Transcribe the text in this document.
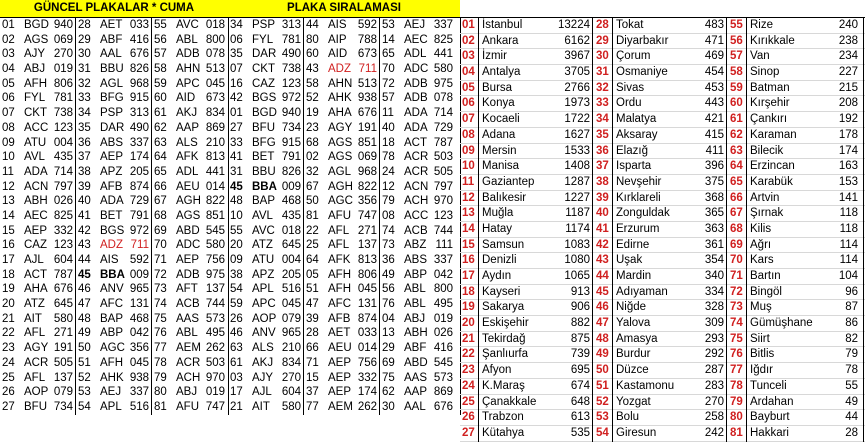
GÜNCEL PLAKALAR * CUMA	PLAKA SIRALAMASI
01 BGD 940 28 AET 033 55 AVC 018
02 AGS 069 29 ABF 416 56 ABL 800
03 AJY 270 30 AAL 676 57 ADB 078
04 ABJ 019 31 BBU 826 58 AHN 513
05 AFH 806 32 AGL 968 59 APC 045
06 FYL 781 33 BFG 915 60 AID 673
07 CKT 738 34 PSP 313 61 AKJ 834
08 ACC 123 35 DAR 490 62 AAP 869
09 ATU 004 36 ABS 337 63 ALS 210
10 AVL 435 37 AEP 174 64 AFK 813
11 ADA 714 38 APZ 205 65 ADL 441
12 ACN 797 39 AFB 874 66 AEU 014
13 ABH 026 40 ADA 729 67 AGH 822
14 AEC 825 41 BET 791 68 AGS 851
15 AEP 332 42 BGS 972 69 ABD 545
16 CAZ 123 43 ADZ 711 70 ADC 580
17 AJL 604 44 AIS 592 71 AEP 756
18 ACT 787 45 BBA 009 72 ADB 975
19 AHA 676 46 ANV 965 73 AFT 137
20 ATZ 645 47 AFC 131 74 ACB 744
21 AIT 580 48 BAP 468 75 AAS 573
22 AFL 271 49 ABP 042 76 ABL 495
23 AGY 191 50 AGC 356 77 AEM 262
24 ACR 505 51 AFH 045 78 ACR 503
25 AFL 137 52 AHK 938 79 ACH 970
26 AOP 079 53 AEJ 337 80 ABJ 019
27 BFU 734 54 APL 516 81 AFU 747
34 PSP 313 44 AIS 592 53 AEJ 337
06 FYL 781 80 AIP 788 14 AEC 825
35 DAR 490 60 AID 673 65 ADL 441
07 CKT 738 43 ADZ 711 70 ADC 580
16 CAZ 123 58 AHN 513 72 ADB 975
42 BGS 972 52 AHK 938 57 ADB 078
01 BGD 940 19 AHA 676 11 ADA 714
27 BFU 734 23 AGY 191 40 ADA 729
33 BFG 915 68 AGS 851 18 ACT 787
41 BET 791 02 AGS 069 78 ACR 503
31 BBU 826 32 AGL 968 24 ACR 505
45 BBA 009 67 AGH 822 12 ACN 797
48 BAP 468 50 AGC 356 79 ACH 970
10 AVL 435 81 AFU 747 08 ACC 123
55 AVC 018 22 AFL 271 74 ACB 744
20 ATZ 645 25 AFL 137 73 ABZ 111
09 ATU 004 64 AFK 813 36 ABS 337
38 APZ 205 05 AFH 806 49 ABP 042
54 APL 516 51 AFH 045 56 ABL 800
59 APC 045 47 AFC 131 76 ABL 495
26 AOP 079 39 AFB 874 04 ABJ 019
46 ANV 965 28 AET 033 13 ABH 026
63 ALS 210 66 AEU 014 29 ABF 416
61 AKJ 834 71 AEP 756 69 ABD 545
03 AJY 270 15 AEP 332 75 AAS 573
17 AJL 604 37 AEP 174 62 AAP 869
21 AIT 580 77 AEM 262 30 AAL 676
01 İstanbul	13224 28 Tokat	483 55 Rize	240
02 Ankara	6162 29 Diyarbakır	471 56 Kırıkkale	238
03 İzmir	3967 30 Çorum	469 57 Van	234
04 Antalya	3705 31 Osmaniye	454 58 Sinop	227
05 Bursa	2766 32 Sivas	453 59 Batman	215
06 Konya	1973 33 Ordu	443 60 Kırşehir	208
07 Kocaeli	1722 34 Malatya	421 61 Çankırı	192
08 Adana	1627 35 Aksaray	415 62 Karaman	178
09 Mersin	1533 36 Elazığ	411 63 Bilecik	174
10 Manisa	1408 37 Isparta	396 64 Erzincan	163
11 Gaziantep	1287 38 Nevşehir	375 65 Karabük	153
12 Balıkesir	1227 39 Kırklareli	368 66 Artvin	141
13 Muğla	1187 40 Zonguldak	365 67 Şırnak	118
14 Hatay	1174 41 Erzurum	363 68 Kilis	118
15 Samsun	1083 42 Edirne	361 69 Ağrı	114
16 Denizli	1080 43 Uşak	354 70 Kars	114
17 Aydın	1065 44 Mardin	340 71 Bartın	104
18 Kayseri	913 45 Adıyaman	334 72 Bingöl	96
19 Sakarya	906 46 Niğde	328 73 Muş	87
20 Eskişehir	882 47 Yalova	309 74 Gümüşhane	86
21 Tekirdağ	875 48 Amasya	293 75 Siirt	82
22 Şanlıurfa	739 49 Burdur	292 76 Bitlis	79
23 Afyon	695 50 Düzce	287 77 Iğdır	78
24 K.Maraş	674 51 Kastamonu	283 78 Tunceli	55
25 Çanakkale	648 52 Yozgat	270 79 Ardahan	49
26 Trabzon	613 53 Bolu	258 80 Bayburt	44
27 Kütahya	535 54 Giresun	242 81 Hakkari	28
